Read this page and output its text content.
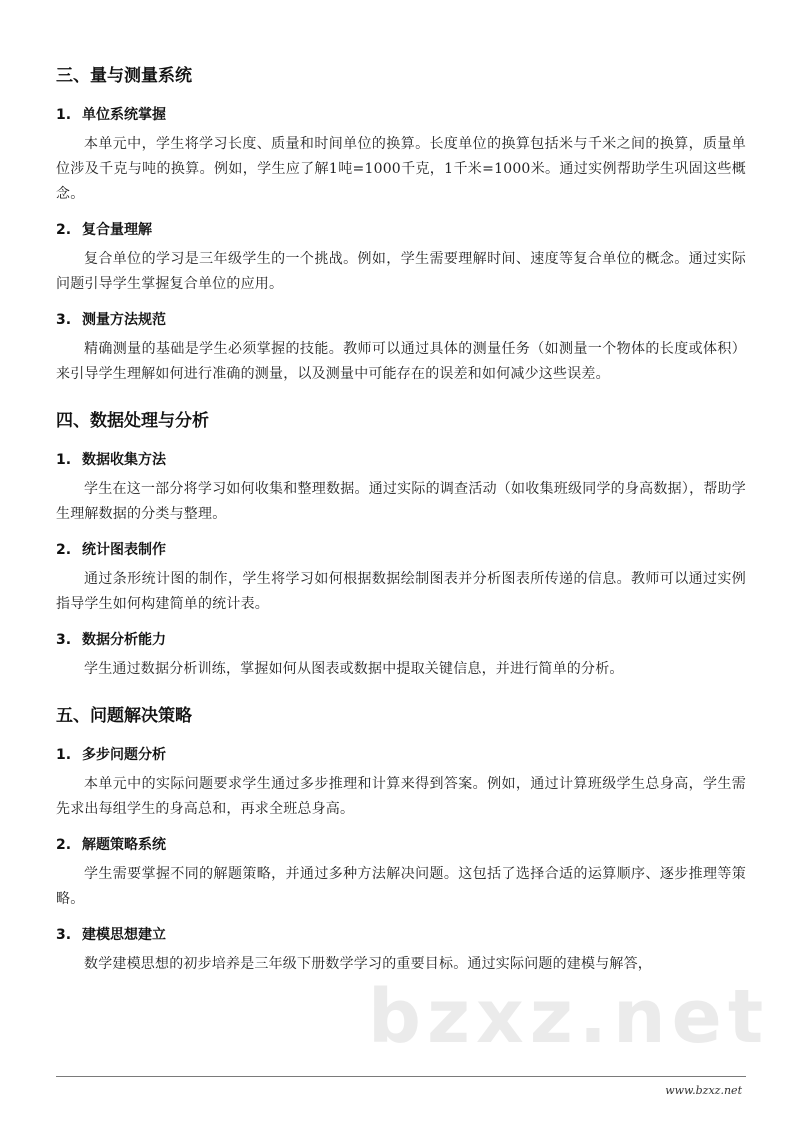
bzxz.net
三、量与测量系统
1. 单位系统掌握

本单元中，学生将学习长度、质量和时间单位的换算。长度单位的换算包括米与千米之间的换算，质量单位涉及千克与吨的换算。例如，学生应了解1吨=1000千克，1千米=1000米。通过实例帮助学生巩固这些概念。

2. 复合量理解

复合单位的学习是三年级学生的一个挑战。例如，学生需要理解时间、速度等复合单位的概念。通过实际问题引导学生掌握复合单位的应用。

3. 测量方法规范

精确测量的基础是学生必须掌握的技能。教师可以通过具体的测量任务（如测量一个物体的长度或体积）来引导学生理解如何进行准确的测量，以及测量中可能存在的误差和如何减少这些误差。

四、数据处理与分析
1. 数据收集方法

学生在这一部分将学习如何收集和整理数据。通过实际的调查活动（如收集班级同学的身高数据），帮助学生理解数据的分类与整理。

2. 统计图表制作

通过条形统计图的制作，学生将学习如何根据数据绘制图表并分析图表所传递的信息。教师可以通过实例指导学生如何构建简单的统计表。

3. 数据分析能力

学生通过数据分析训练，掌握如何从图表或数据中提取关键信息，并进行简单的分析。

五、问题解决策略
1. 多步问题分析

本单元中的实际问题要求学生通过多步推理和计算来得到答案。例如，通过计算班级学生总身高，学生需先求出每组学生的身高总和，再求全班总身高。

2. 解题策略系统

学生需要掌握不同的解题策略，并通过多种方法解决问题。这包括了选择合适的运算顺序、逐步推理等策略。

3. 建模思想建立

数学建模思想的初步培养是三年级下册数学学习的重要目标。通过实际问题的建模与解答，

www.bzxz.net
